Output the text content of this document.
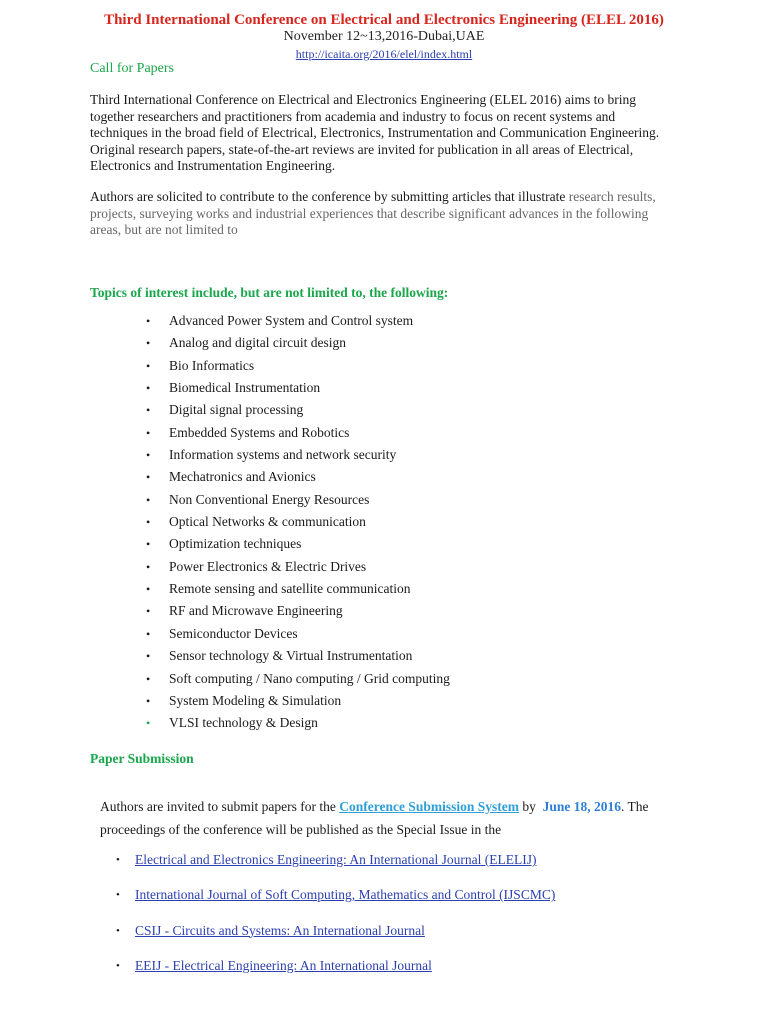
Third International Conference on Electrical and Electronics Engineering (ELEL 2016)
November 12~13,2016-Dubai,UAE
http://icaita.org/2016/elel/index.html
Call for Papers
Third International Conference on Electrical and Electronics Engineering (ELEL 2016) aims to bring together researchers and practitioners from academia and industry to focus on recent systems and techniques in the broad field of Electrical, Electronics, Instrumentation and Communication Engineering. Original research papers, state-of-the-art reviews are invited for publication in all areas of Electrical, Electronics and Instrumentation Engineering.
Authors are solicited to contribute to the conference by submitting articles that illustrate research results, projects, surveying works and industrial experiences that describe significant advances in the following areas, but are not limited to
Topics of interest include, but are not limited to, the following:
• Advanced Power System and Control system
• Analog and digital circuit design
• Bio Informatics
• Biomedical Instrumentation
• Digital signal processing
• Embedded Systems and Robotics
• Information systems and network security
• Mechatronics and Avionics
• Non Conventional Energy Resources
• Optical Networks & communication
• Optimization techniques
• Power Electronics & Electric Drives
• Remote sensing and satellite communication
• RF and Microwave Engineering
• Semiconductor Devices
• Sensor technology & Virtual Instrumentation
• Soft computing / Nano computing / Grid computing
• System Modeling & Simulation
• VLSI technology & Design
Paper Submission
Authors are invited to submit papers for the Conference Submission System by  June 18, 2016. The proceedings of the conference will be published as the Special Issue in the
• Electrical and Electronics Engineering: An International Journal (ELELIJ)
• International Journal of Soft Computing, Mathematics and Control (IJSCMC)
• CSIJ - Circuits and Systems: An International Journal
• EEIJ - Electrical Engineering: An International Journal
